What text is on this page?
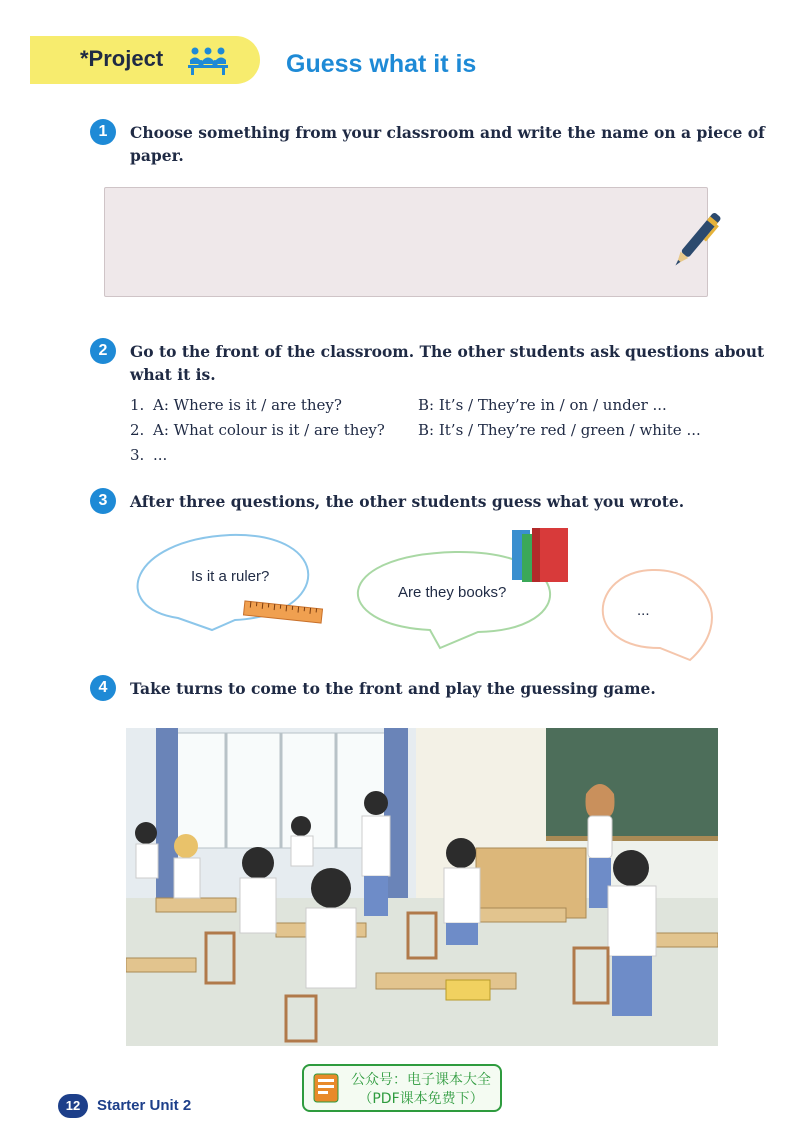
*Project	Guess what it is
1	Choose something from your classroom and write the name on a piece of
paper.
2	Go to the front of the classroom. The other students ask questions about
what it is.
1. A: Where is it / are they?	B: It’s / They’re in / on / under ...
2. A: What colour is it / are they? B: It’s / They’re red / green / white ...
3. ...
3	After three questions, the other students guess what you wrote.
Is it a ruler?
Are they books?
...
4	Take turns to come to the front and play the guessing game.
12	Starter Unit 2
公众号：电子课本大全
（PDF课本免费下）
